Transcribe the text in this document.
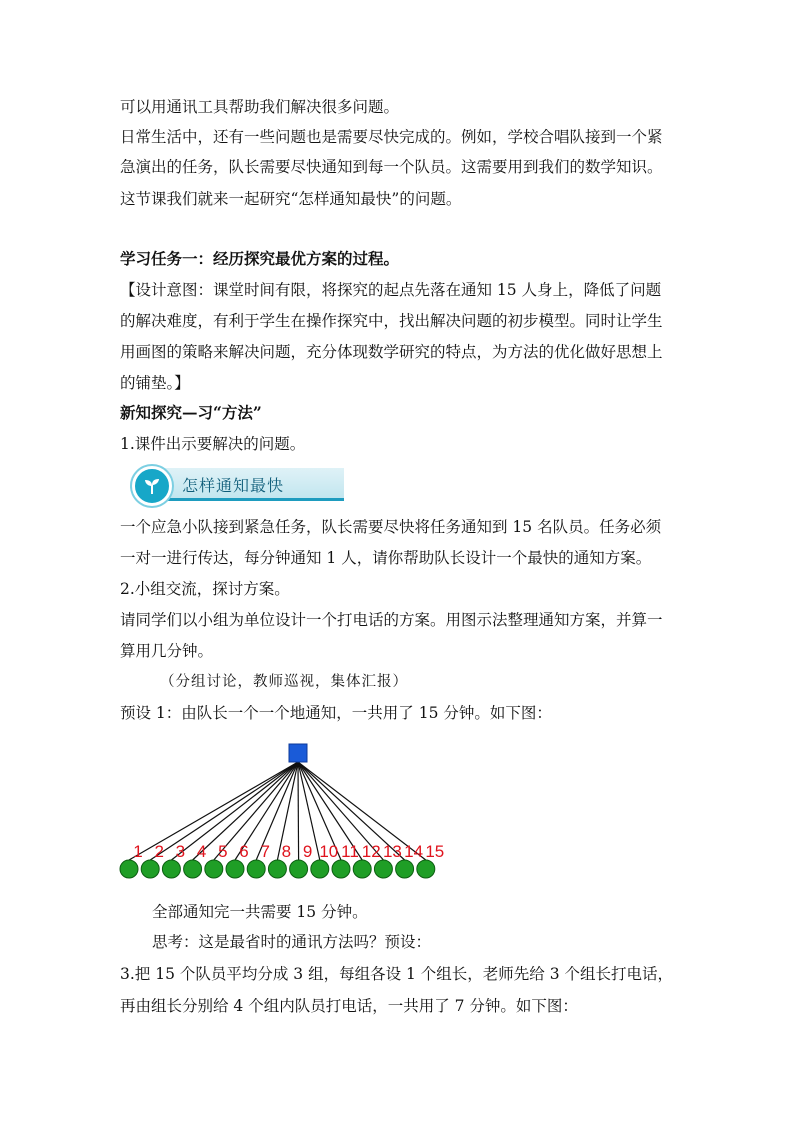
可以用通讯工具帮助我们解决很多问题。
日常生活中，还有一些问题也是需要尽快完成的。例如，学校合唱队接到一个紧
急演出的任务，队长需要尽快通知到每一个队员。这需要用到我们的数学知识。
这节课我们就来一起研究“怎样通知最快”的问题。
学习任务一：经历探究最优方案的过程。
【设计意图：课堂时间有限，将探究的起点先落在通知 15 人身上，降低了问题
的解决难度，有利于学生在操作探究中，找出解决问题的初步模型。同时让学生
用画图的策略来解决问题，充分体现数学研究的特点，为方法的优化做好思想上
的铺垫。】
新知探究—习“方法”
1.课件出示要解决的问题。
怎样通知最快
一个应急小队接到紧急任务，队长需要尽快将任务通知到 15 名队员。任务必须
一对一进行传达，每分钟通知 1 人，请你帮助队长设计一个最快的通知方案。
2.小组交流，探讨方案。
请同学们以小组为单位设计一个打电话的方案。用图示法整理通知方案，并算一
算用几分钟。
（分组讨论，教师巡视，集体汇报）
预设 1：由队长一个一个地通知，一共用了 15 分钟。如下图：
1 2 3 4 5 6 7 8 9 10 11 12 13 14 15
全部通知完一共需要 15 分钟。
思考：这是最省时的通讯方法吗？预设：
3.把 15 个队员平均分成 3 组，每组各设 1 个组长，老师先给 3 个组长打电话，
再由组长分别给 4 个组内队员打电话，一共用了 7 分钟。如下图：
